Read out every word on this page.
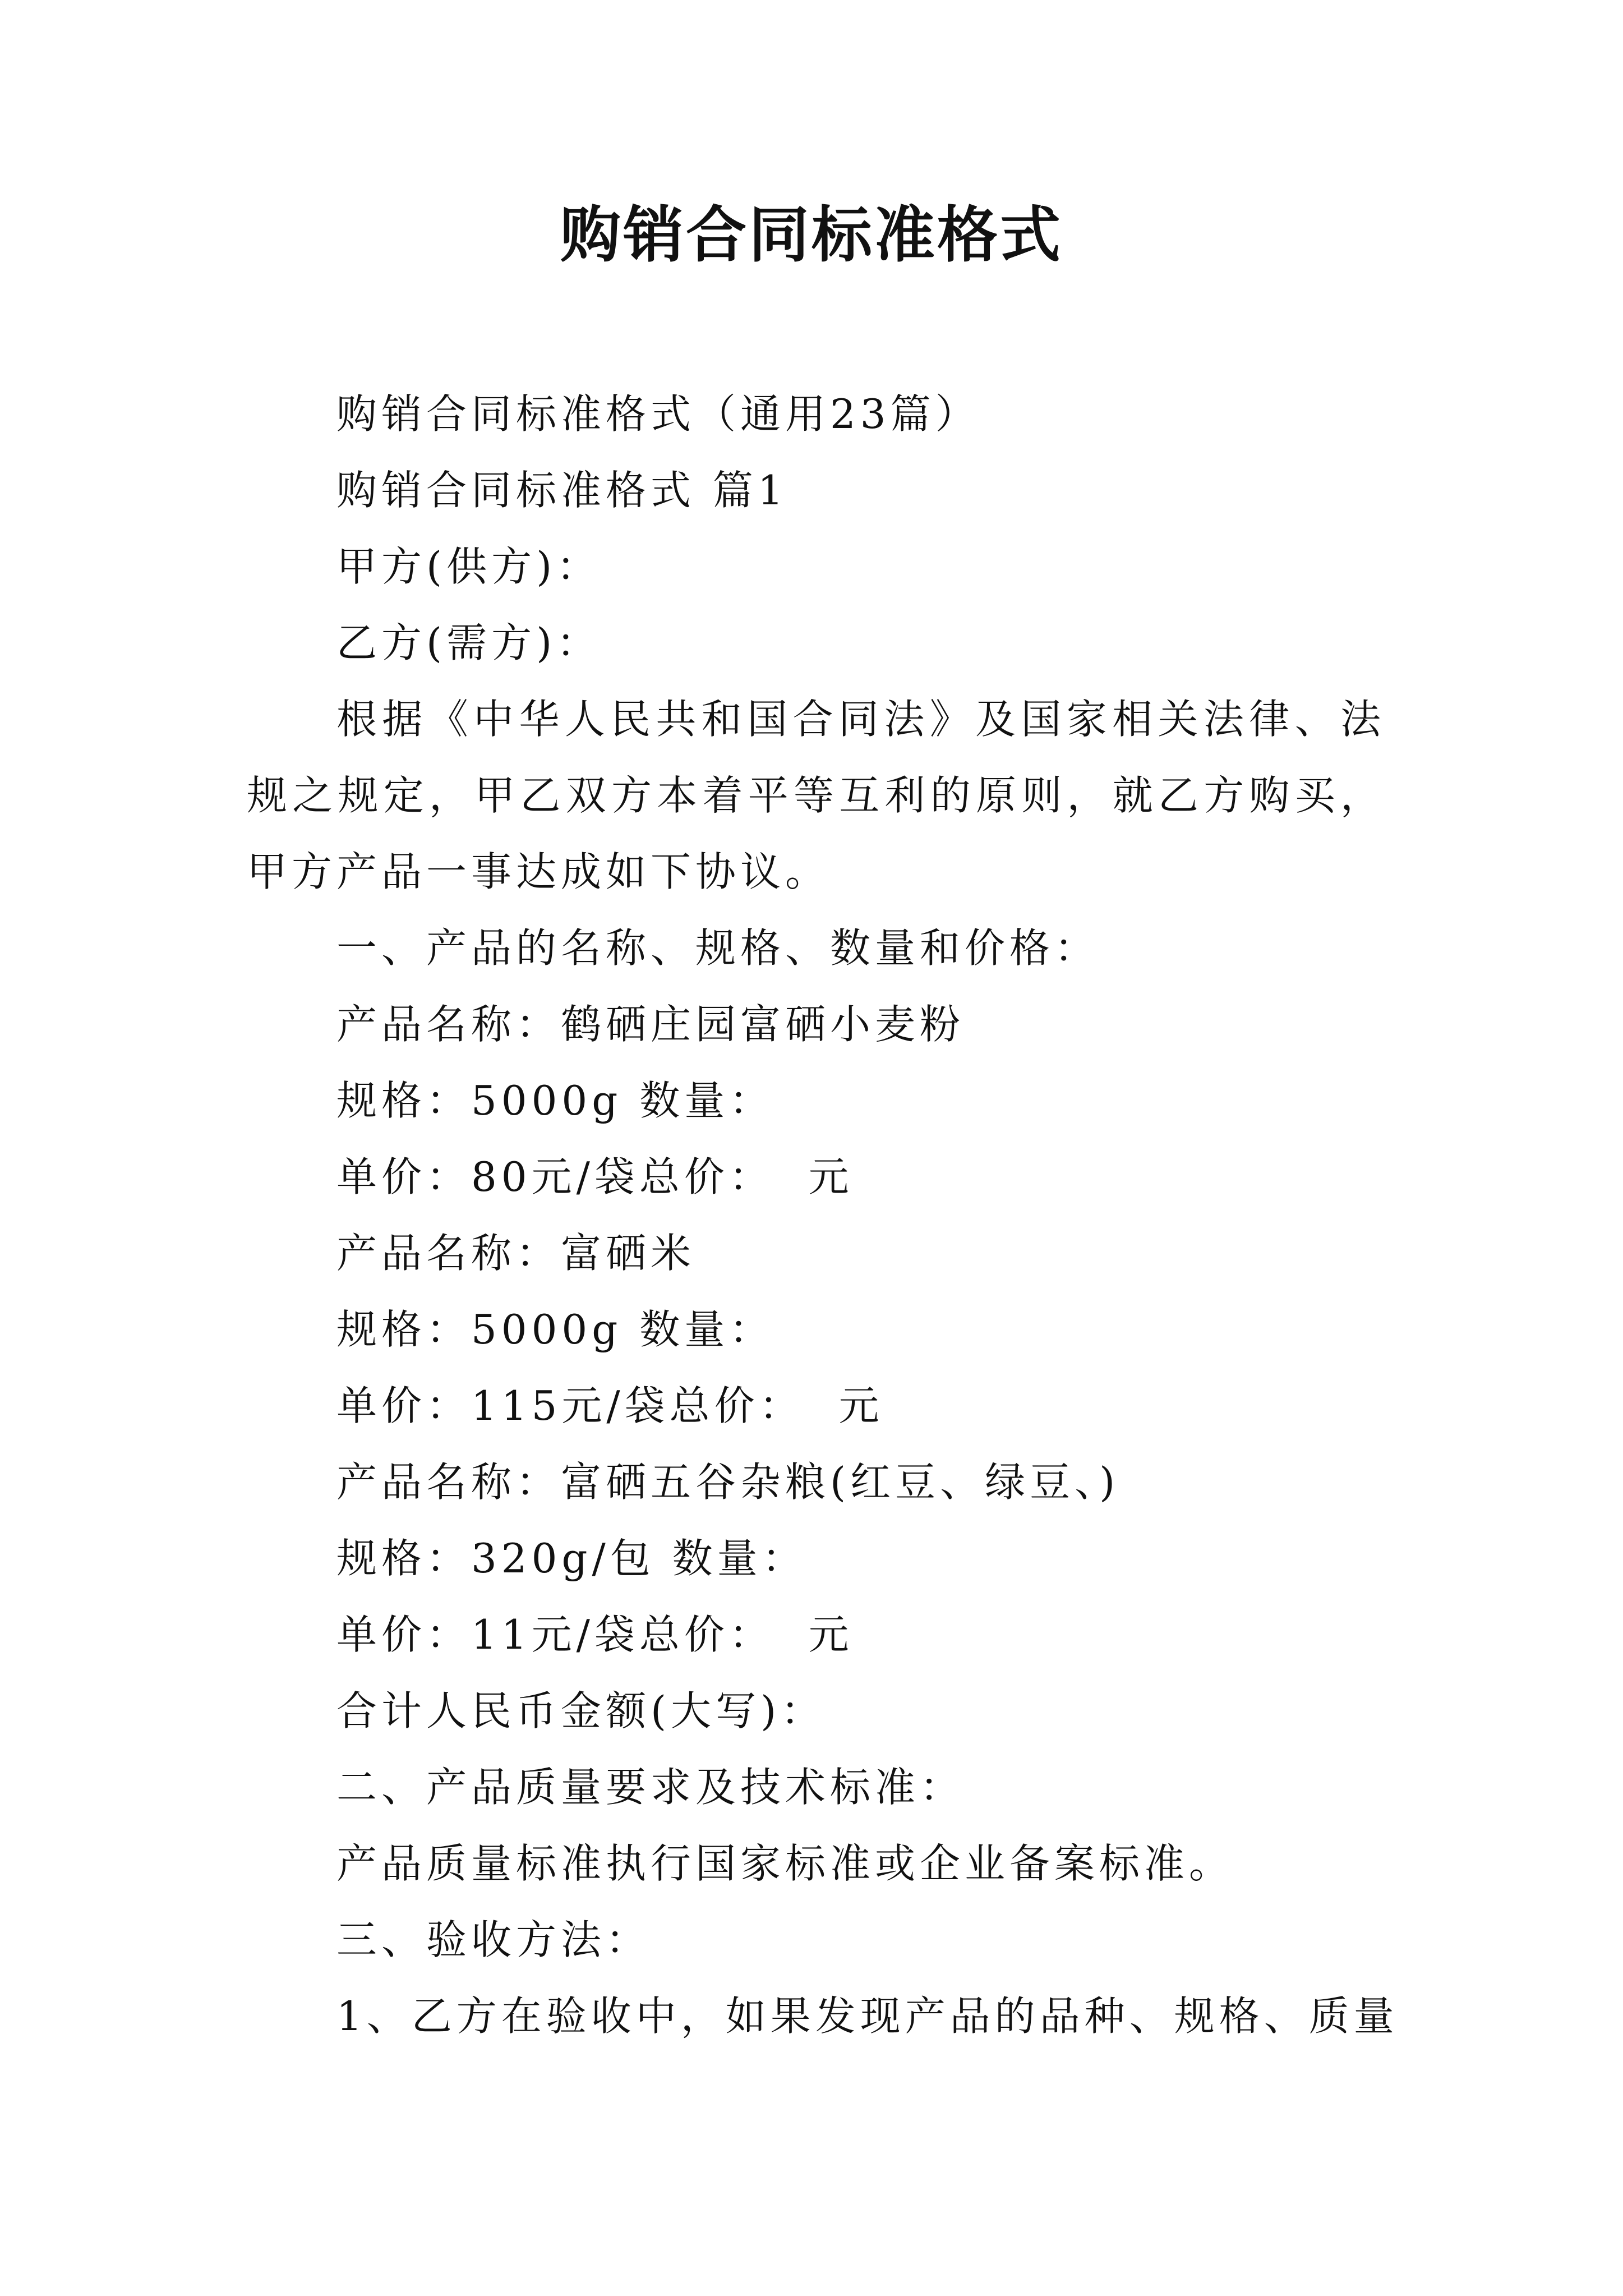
购销合同标准格式

购销合同标准格式（通用23篇）

购销合同标准格式 篇1

甲方(供方)：

乙方(需方)：

根据《中华人民共和国合同法》及国家相关法律、法规之规定，甲乙双方本着平等互利的原则，就乙方购买，甲方产品一事达成如下协议。

一、产品的名称、规格、数量和价格：

产品名称：鹤硒庄园富硒小麦粉

规格：5000g 数量：

单价：80元/袋总价：  元

产品名称：富硒米

规格：5000g 数量：

单价：115元/袋总价：  元

产品名称：富硒五谷杂粮(红豆、绿豆、)

规格：320g/包 数量：

单价：11元/袋总价：  元

合计人民币金额(大写)：

二、产品质量要求及技术标准：

产品质量标准执行国家标准或企业备案标准。

三、验收方法：

1、乙方在验收中，如果发现产品的品种、规格、质量
